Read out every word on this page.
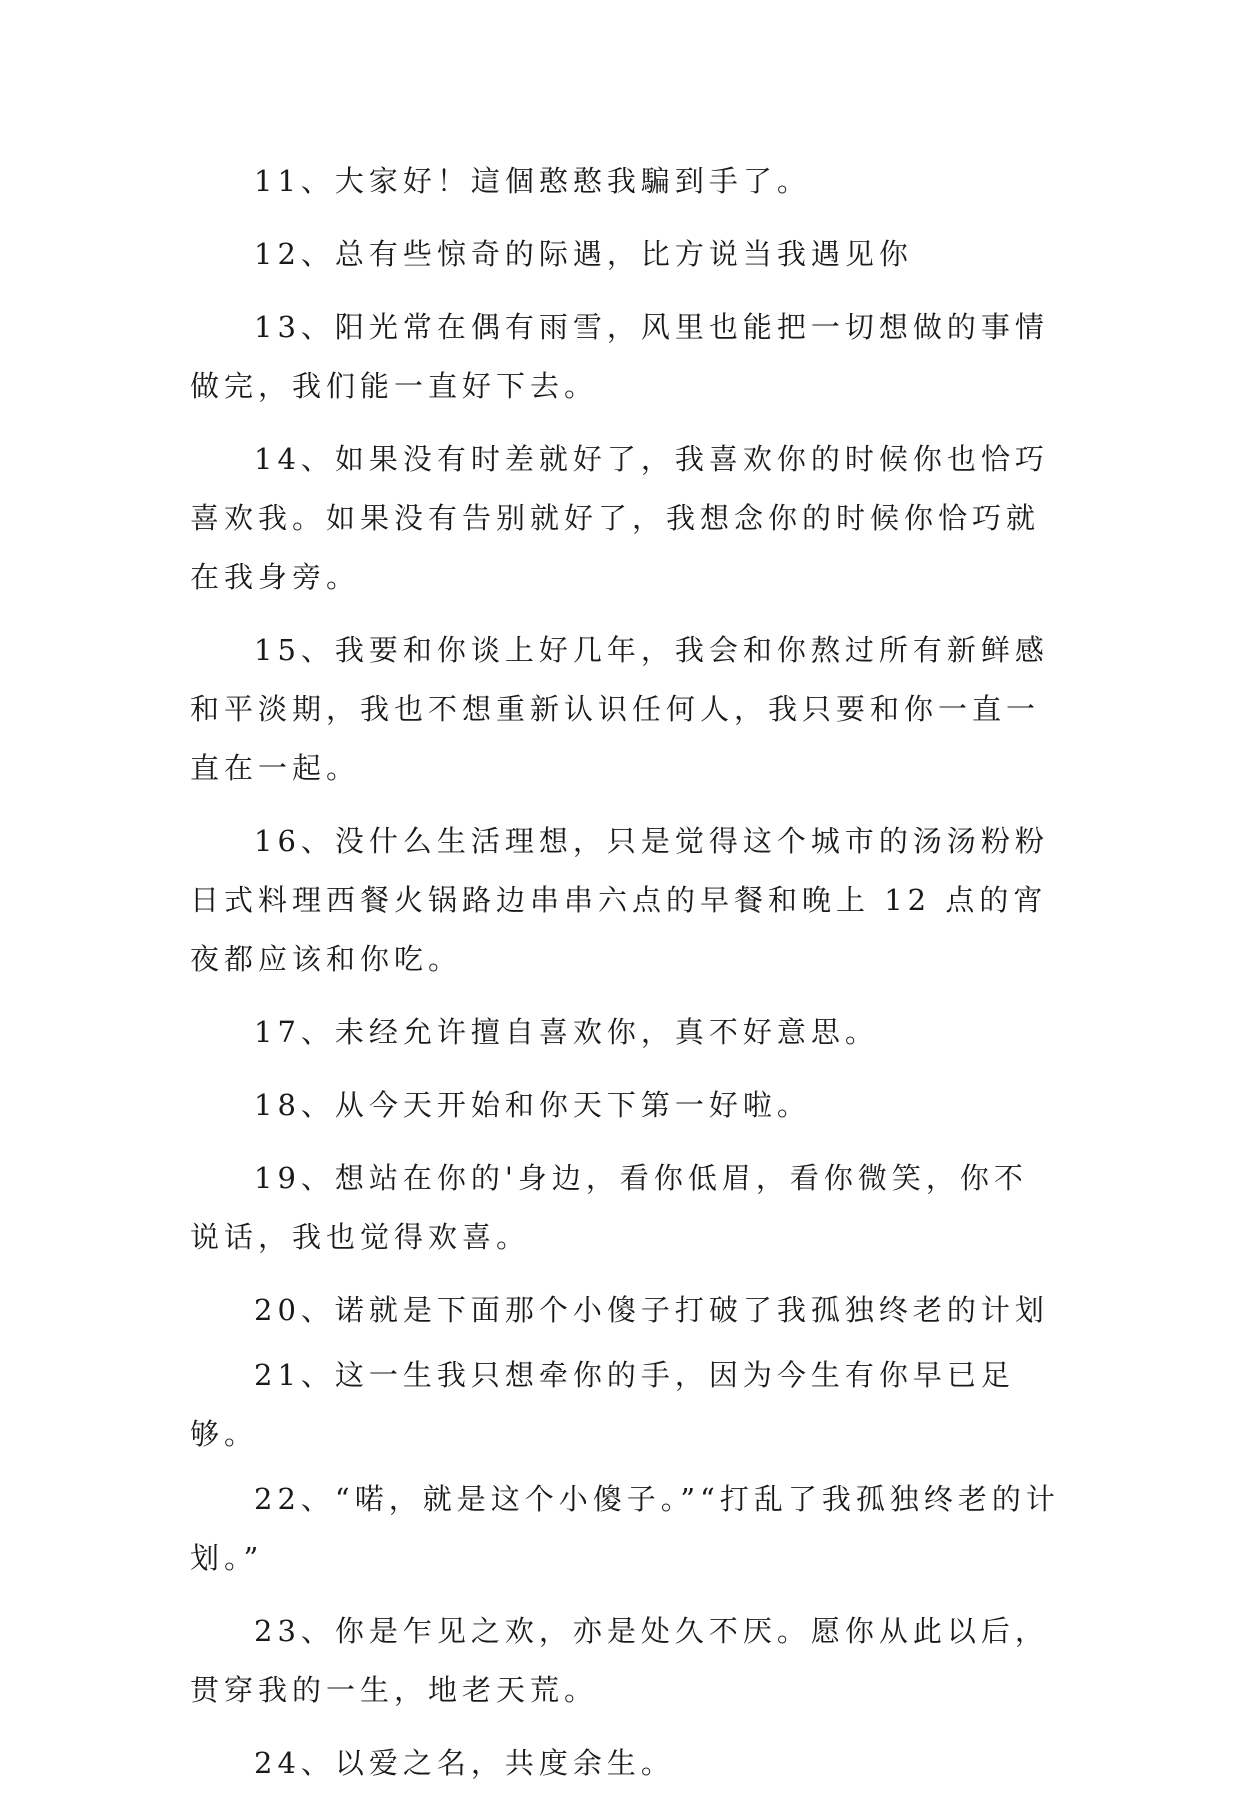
11、大家好！這個憨憨我騙到手了。

12、总有些惊奇的际遇，比方说当我遇见你

13、阳光常在偶有雨雪，风里也能把一切想做的事情做完，我们能一直好下去。

14、如果没有时差就好了，我喜欢你的时候你也恰巧喜欢我。如果没有告别就好了，我想念你的时候你恰巧就在我身旁。

15、我要和你谈上好几年，我会和你熬过所有新鲜感和平淡期，我也不想重新认识任何人，我只要和你一直一直在一起。

16、没什么生活理想，只是觉得这个城市的汤汤粉粉日式料理西餐火锅路边串串六点的早餐和晚上 12 点的宵夜都应该和你吃。

17、未经允许擅自喜欢你，真不好意思。

18、从今天开始和你天下第一好啦。

19、想站在你的'身边，看你低眉，看你微笑，你不说话，我也觉得欢喜。

20、诺就是下面那个小傻子打破了我孤独终老的计划

21、这一生我只想牵你的手，因为今生有你早已足够。

22、“喏，就是这个小傻子。”“打乱了我孤独终老的计划。”

23、你是乍见之欢，亦是处久不厌。愿你从此以后，贯穿我的一生，地老天荒。

24、以爱之名，共度余生。
